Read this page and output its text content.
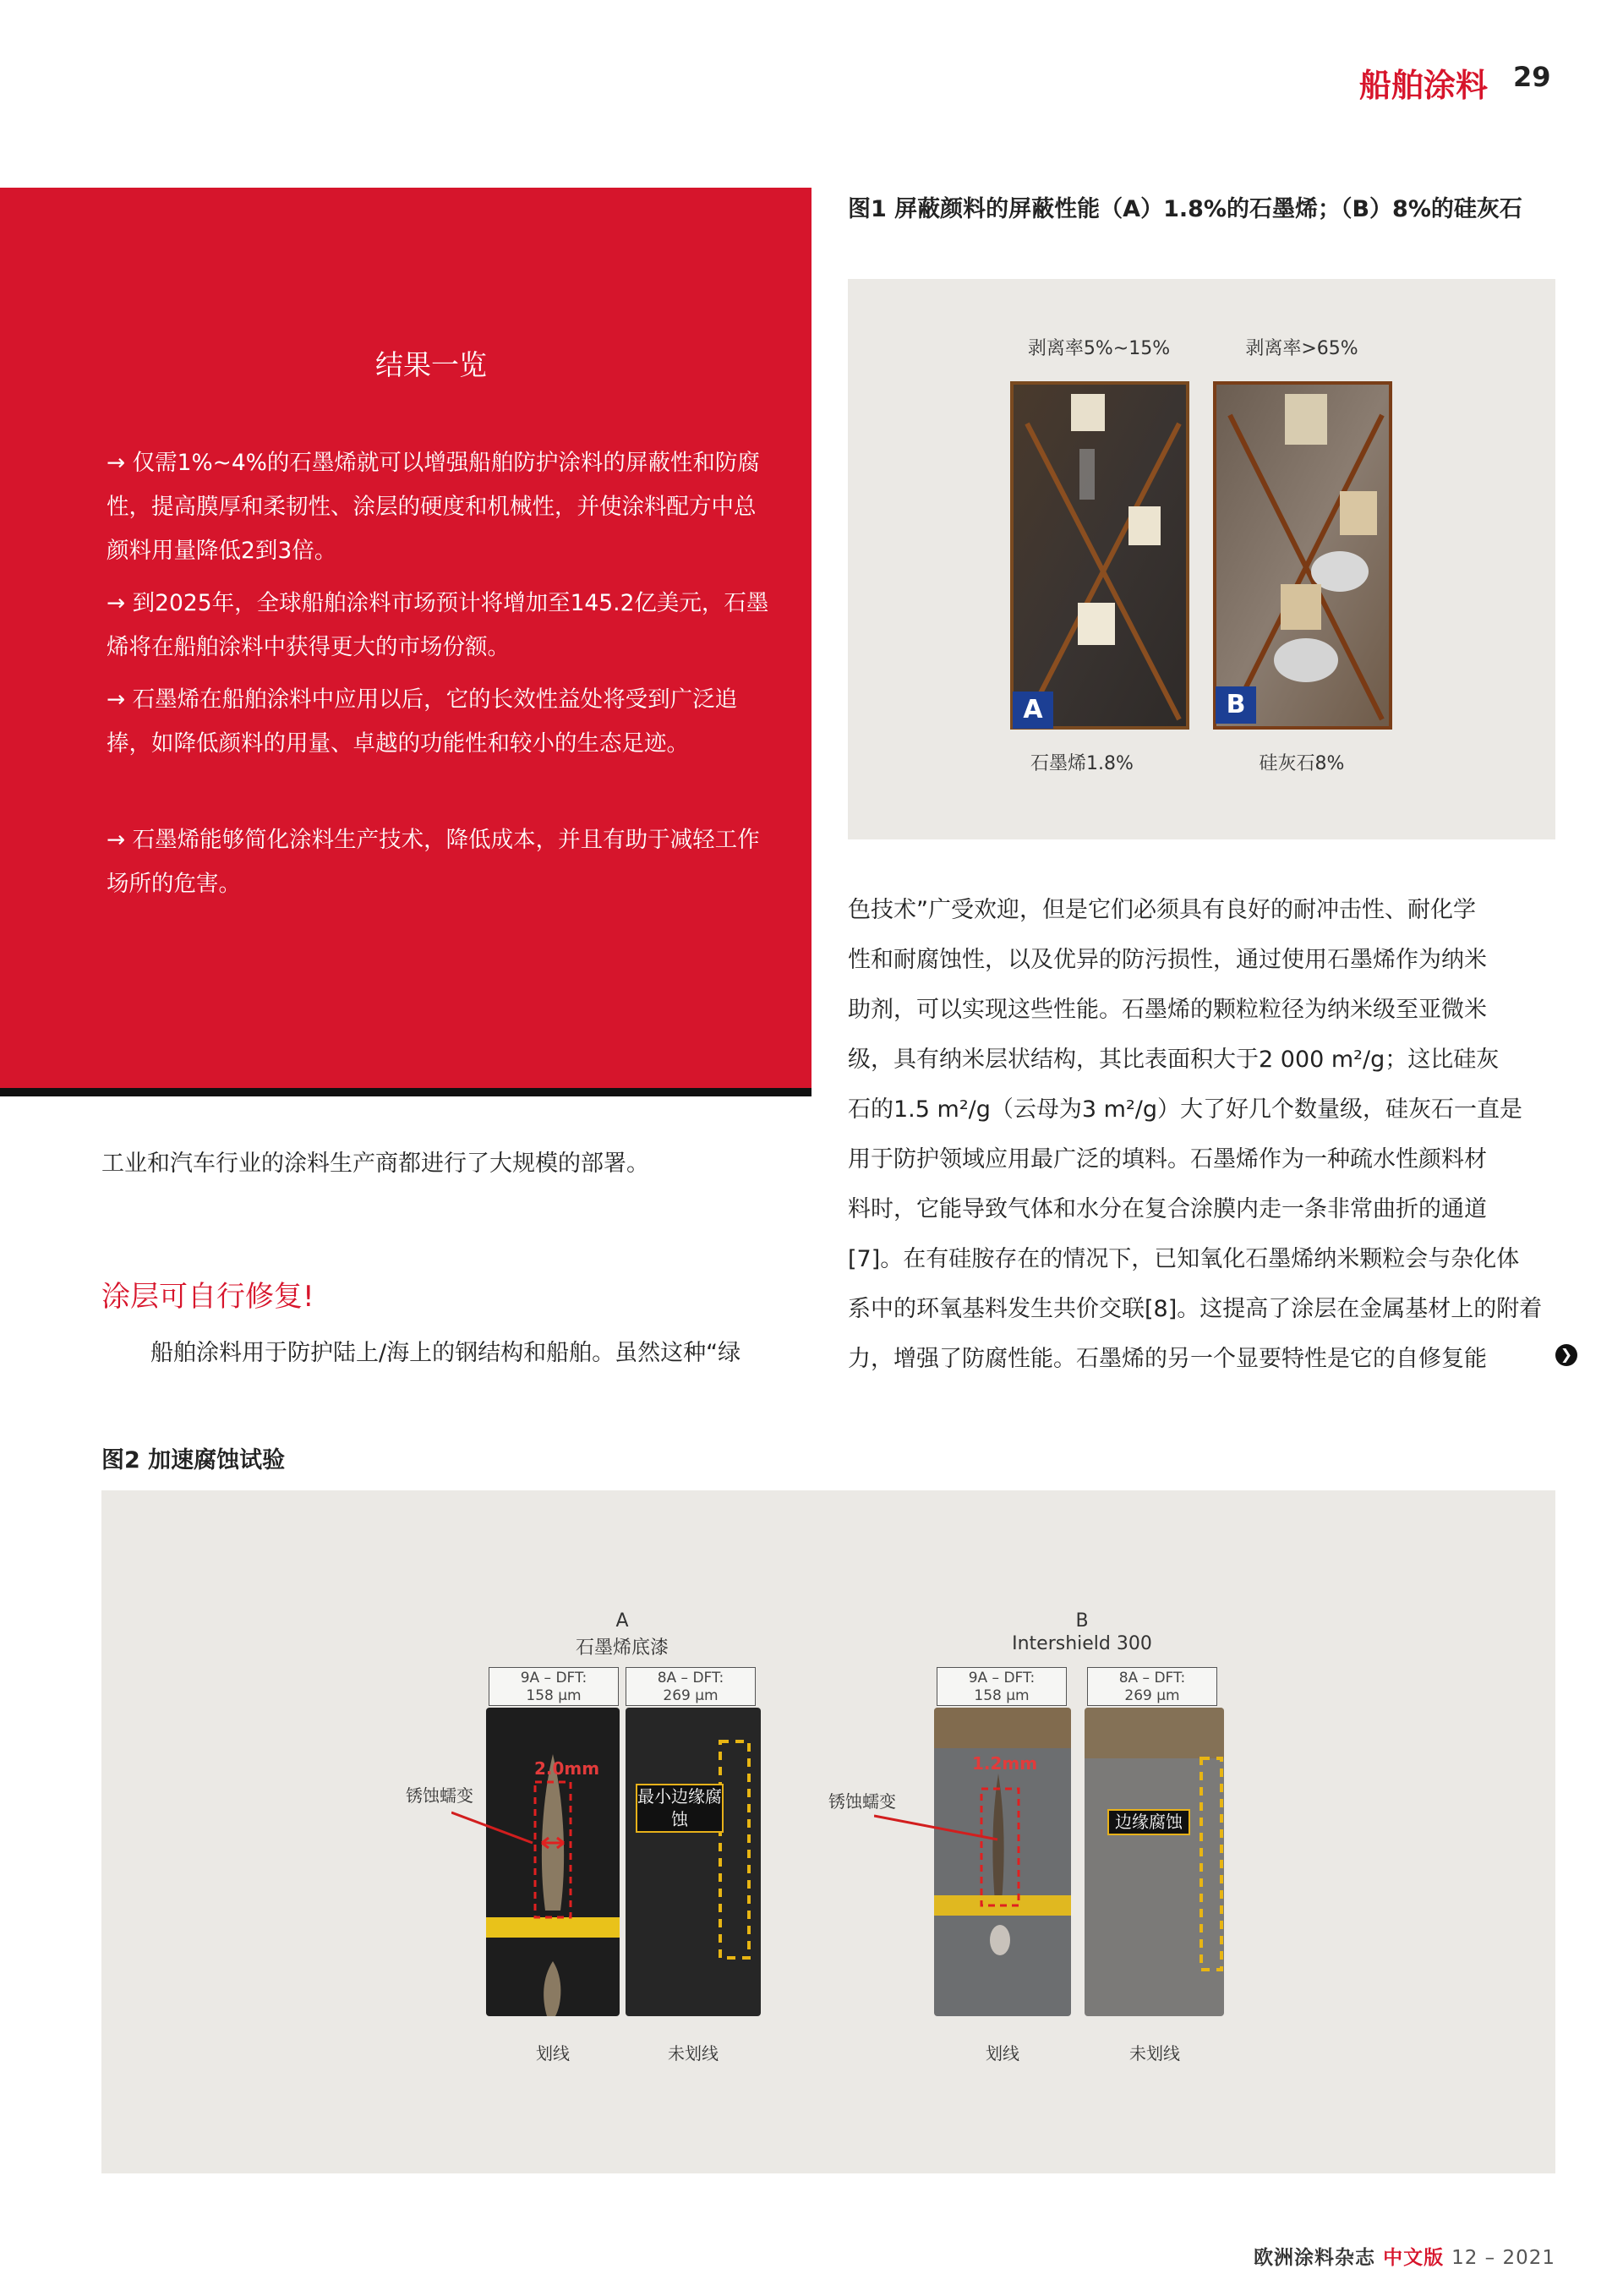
船舶涂料 29
结果一览
→ 仅需1%~4%的石墨烯就可以增强船舶防护涂料的屏蔽性和防腐性，提高膜厚和柔韧性、涂层的硬度和机械性，并使涂料配方中总颜料用量降低2到3倍。
→ 到2025年，全球船舶涂料市场预计将增加至145.2亿美元，石墨烯将在船舶涂料中获得更大的市场份额。
→ 石墨烯在船舶涂料中应用以后，它的长效性益处将受到广泛追捧，如降低颜料的用量、卓越的功能性和较小的生态足迹。
→ 石墨烯能够简化涂料生产技术，降低成本，并且有助于减轻工作场所的危害。
工业和汽车行业的涂料生产商都进行了大规模的部署。
涂层可自行修复!
船舶涂料用于防护陆上/海上的钢结构和船舶。虽然这种“绿
图1 屏蔽颜料的屏蔽性能（A）1.8%的石墨烯；（B）8%的硅灰石
剥离率5%~15%	剥离率>65%
A	B
石墨烯1.8%	硅灰石8%
色技术”广受欢迎，但是它们必须具有良好的耐冲击性、耐化学
性和耐腐蚀性，以及优异的防污损性，通过使用石墨烯作为纳米
助剂，可以实现这些性能。石墨烯的颗粒粒径为纳米级至亚微米
级，具有纳米层状结构，其比表面积大于2 000 m²/g；这比硅灰
石的1.5 m²/g（云母为3 m²/g）大了好几个数量级，硅灰石一直是
用于防护领域应用最广泛的填料。石墨烯作为一种疏水性颜料材
料时，它能导致气体和水分在复合涂膜内走一条非常曲折的通道
[7]。在有硅胺存在的情况下，已知氧化石墨烯纳米颗粒会与杂化体
系中的环氧基料发生共价交联[8]。这提高了涂层在金属基材上的附着
力，增强了防腐性能。石墨烯的另一个显要特性是它的自修复能	❯
图2 加速腐蚀试验
A
石墨烯底漆
9A – DFT:
158 μm
8A – DFT:
269 μm
2.0mm
最小边缘腐蚀
锈蚀蠕变
划线	未划线
B
Intershield 300
9A – DFT:
158 μm
8A – DFT:
269 μm
1.2mm
边缘腐蚀
锈蚀蠕变
划线	未划线
欧洲涂料杂志 中文版 12 – 2021
